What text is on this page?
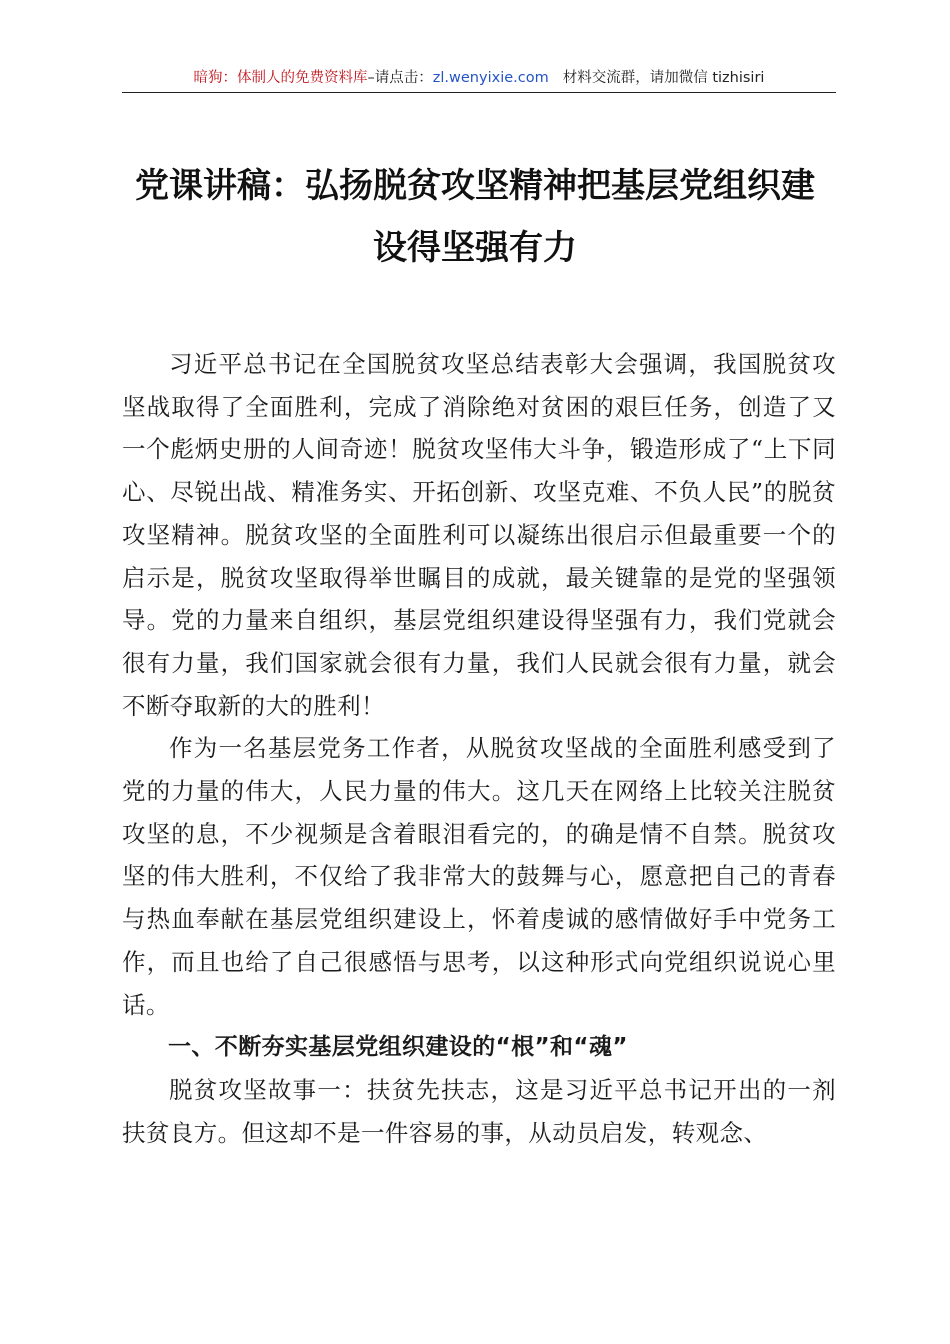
暗狗：体制人的免费资料库–请点击：zl.wenyixie.com 材料交流群，请加微信 tizhisiri
党课讲稿：弘扬脱贫攻坚精神把基层党组织建
设得坚强有力

习近平总书记在全国脱贫攻坚总结表彰大会强调，我国脱贫攻坚战取得了全面胜利，完成了消除绝对贫困的艰巨任务，创造了又一个彪炳史册的人间奇迹！脱贫攻坚伟大斗争，锻造形成了“上下同心、尽锐出战、精准务实、开拓创新、攻坚克难、不负人民”的脱贫攻坚精神。脱贫攻坚的全面胜利可以凝练出很启示但最重要一个的启示是，脱贫攻坚取得举世瞩目的成就，最关键靠的是党的坚强领导。党的力量来自组织，基层党组织建设得坚强有力，我们党就会很有力量，我们国家就会很有力量，我们人民就会很有力量，就会不断夺取新的大的胜利！

作为一名基层党务工作者，从脱贫攻坚战的全面胜利感受到了党的力量的伟大，人民力量的伟大。这几天在网络上比较关注脱贫攻坚的息，不少视频是含着眼泪看完的，的确是情不自禁。脱贫攻坚的伟大胜利，不仅给了我非常大的鼓舞与心，愿意把自己的青春与热血奉献在基层党组织建设上，怀着虔诚的感情做好手中党务工作，而且也给了自己很感悟与思考，以这种形式向党组织说说心里话。

一、不断夯实基层党组织建设的“根”和“魂”

脱贫攻坚故事一：扶贫先扶志，这是习近平总书记开出的一剂扶贫良方。但这却不是一件容易的事，从动员启发，转观念、
